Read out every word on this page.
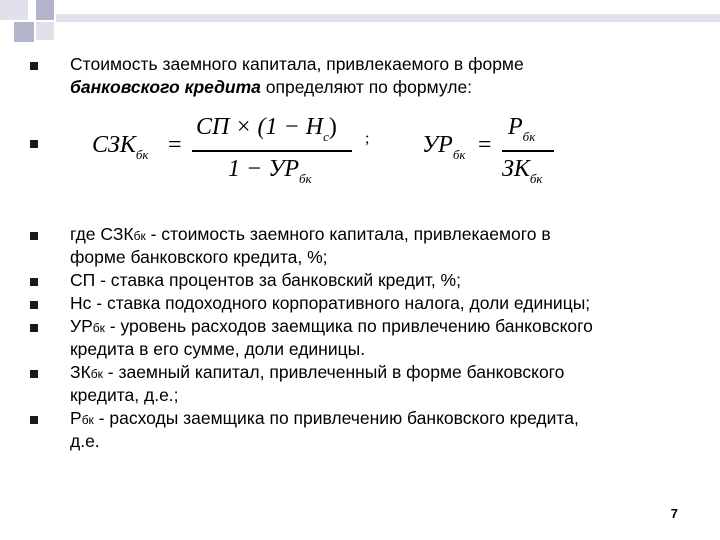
Стоимость заемного капитала, привлекаемого в форме
банковского кредита определяют по формуле:
$СЗК_{бк}$ =
СП × $(1 - Н_с)$
$1 - УР_{бк}$
; $УР_{бк}$ =
$Р_{бк}$
$ЗК_{бк}$
где СЗКбк - стоимость заемного капитала, привлекаемого в
форме банковского кредита, %;
СП - ставка процентов за банковский кредит, %;
Нс - ставка подоходного корпоративного налога, доли единицы;
УРбк - уровень расходов заемщика по привлечению банковского
кредита в его сумме, доли единицы.
ЗКбк - заемный капитал, привлеченный в форме банковского
кредита, д.е.;
Рбк - расходы заемщика по привлечению банковского кредита,
д.е.
7
